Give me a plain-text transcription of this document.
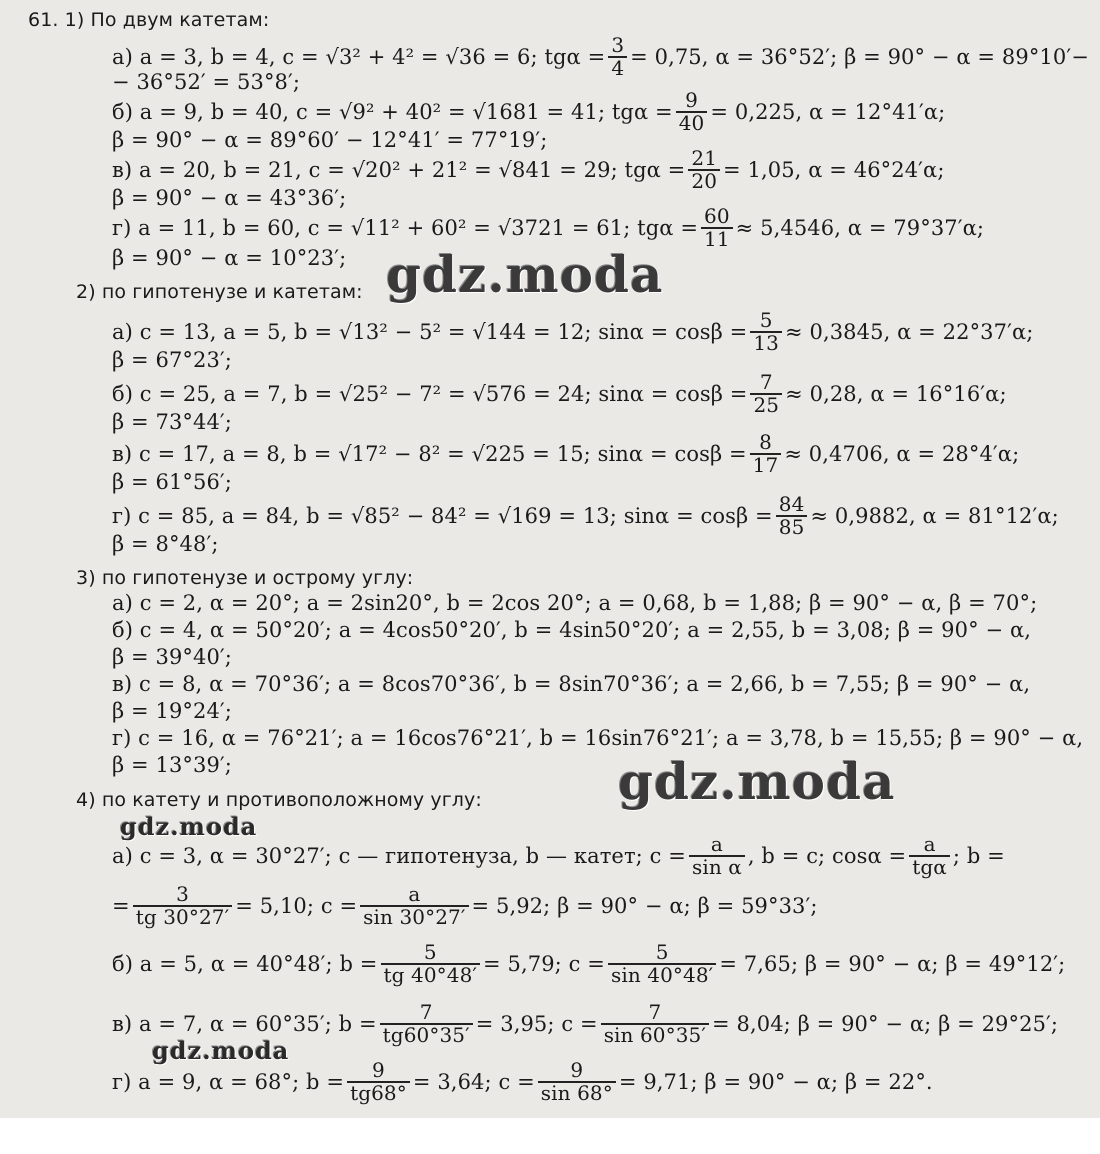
61. 1) По двум катетам:
а) a = 3, b = 4, c = √3² + 4² = √36 = 6; $tg\alpha = \frac{3}{4} = 0,75$, α = 36°52′; β = 90° − α = 89°10′−
− 36°52′ = 53°8′;
б) a = 9, b = 40, c = √9² + 40² = √1681 = 41; $tg\alpha = \frac{9}{40} = 0,225$, α = 12°41′α;
β = 90° − α = 89°60′ − 12°41′ = 77°19′;
в) a = 20, b = 21, c = √20² + 21² = √841 = 29; $tg\alpha = \frac{21}{20} = 1,05$, α = 46°24′α;
β = 90° − α = 43°36′;
г) a = 11, b = 60, c = √11² + 60² = √3721 = 61; $tg\alpha = \frac{60}{11} \approx 5,4546$, α = 79°37′α;
β = 90° − α = 10°23′;
2) по гипотенузе и катетам:
а) c = 13, a = 5, b = √13² − 5² = √144 = 12; $\sin\alpha = \cos\beta = \frac{5}{13} \approx 0,3845$, α = 22°37′α;
β = 67°23′;
б) c = 25, a = 7, b = √25² − 7² = √576 = 24; $\sin\alpha = \cos\beta = \frac{7}{25} \approx 0,28$, α = 16°16′α;
β = 73°44′;
в) c = 17, a = 8, b = √17² − 8² = √225 = 15; $\sin\alpha = \cos\beta = \frac{8}{17} \approx 0,4706$, α = 28°4′α;
β = 61°56′;
г) c = 85, a = 84, b = √85² − 84² = √169 = 13; $\sin\alpha = \cos\beta = \frac{84}{85} \approx 0,9882$, α = 81°12′α;
β = 8°48′;
3) по гипотенузе и острому углу:
а) c = 2, α = 20°; a = 2sin20°, b = 2cos 20°; a = 0,68, b = 1,88; β = 90° − α, β = 70°;
б) c = 4, α = 50°20′; a = 4cos50°20′, b = 4sin50°20′; a = 2,55, b = 3,08; β = 90° − α,
β = 39°40′;
в) c = 8, α = 70°36′; a = 8cos70°36′, b = 8sin70°36′; a = 2,66, b = 7,55; β = 90° − α,
β = 19°24′;
г) c = 16, α = 76°21′; a = 16cos76°21′, b = 16sin76°21′; a = 3,78, b = 15,55; β = 90° − α,
β = 13°39′;
4) по катету и противоположному углу:
а) c = 3, α = 30°27′; c — гипотенуза, b — катет; $c = \frac{a}{\text{sin α}}$ , b = c; $\cos\alpha = \frac{a}{\text{tgα}}$ ; b =
= $\frac{3}{tg 30^\circ 27'} = 5,10$; $c = \frac{a}{\sin 30^\circ 27'} = 5,92$; β = 90° − α; β = 59°33′;
б) a = 5, α = 40°48′; $b = \frac{5}{tg 40^\circ 48'} = 5,79$; $c = \frac{5}{\sin 40^\circ 48'} = 7,65$; β = 90° − α; β = 49°12′;
в) a = 7, α = 60°35′; $b = \frac{7}{tg60^\circ 35'} = 3,95$; $c = \frac{7}{\sin 60^\circ 35'} = 8,04$; β = 90° − α; β = 29°25′;
г) a = 9, α = 68°; $b = \frac{9}{tg68^\circ} = 3,64$; $c = \frac{9}{\sin 68^\circ} = 9,71$; β = 90° − α; β = 22°.
gdz.moda
gdz.moda
gdz.moda
gdz.moda
